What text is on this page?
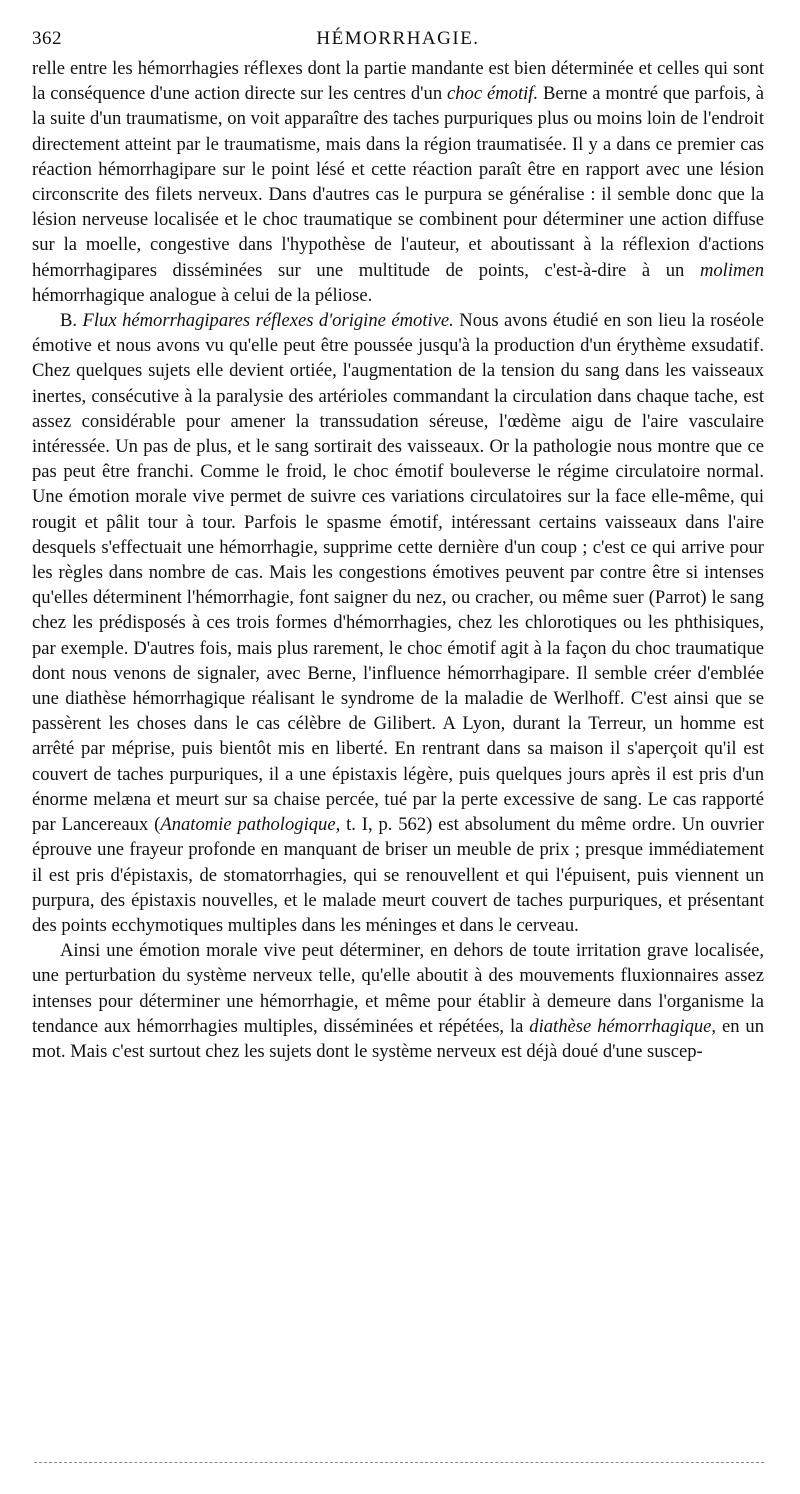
362	HÉMORRHAGIE.

relle entre les hémorrhagies réflexes dont la partie mandante est bien déterminée et celles qui sont la conséquence d'une action directe sur les centres d'un choc émotif. Berne a montré que parfois, à la suite d'un traumatisme, on voit apparaître des taches purpuriques plus ou moins loin de l'endroit directement atteint par le traumatisme, mais dans la région traumatisée. Il y a dans ce premier cas réaction hémorrhagipare sur le point lésé et cette réaction paraît être en rapport avec une lésion circonscrite des filets nerveux. Dans d'autres cas le purpura se généralise : il semble donc que la lésion nerveuse localisée et le choc traumatique se combinent pour déterminer une action diffuse sur la moelle, congestive dans l'hypothèse de l'auteur, et aboutissant à la réflexion d'actions hémorrhagipares disséminées sur une multitude de points, c'est-à-dire à un molimen hémorrhagique analogue à celui de la péliose.

B. Flux hémorrhagipares réflexes d'origine émotive. Nous avons étudié en son lieu la roséole émotive et nous avons vu qu'elle peut être poussée jusqu'à la production d'un érythème exsudatif. Chez quelques sujets elle devient ortiée, l'augmentation de la tension du sang dans les vaisseaux inertes, consécutive à la paralysie des artérioles commandant la circulation dans chaque tache, est assez considérable pour amener la transsudation séreuse, l'œdème aigu de l'aire vasculaire intéressée. Un pas de plus, et le sang sortirait des vaisseaux. Or la pathologie nous montre que ce pas peut être franchi. Comme le froid, le choc émotif bouleverse le régime circulatoire normal. Une émotion morale vive permet de suivre ces variations circulatoires sur la face elle-même, qui rougit et pâlit tour à tour. Parfois le spasme émotif, intéressant certains vaisseaux dans l'aire desquels s'effectuait une hémorrhagie, supprime cette dernière d'un coup ; c'est ce qui arrive pour les règles dans nombre de cas. Mais les congestions émotives peuvent par contre être si intenses qu'elles déterminent l'hémorrhagie, font saigner du nez, ou cracher, ou même suer (Parrot) le sang chez les prédisposés à ces trois formes d'hémorrhagies, chez les chlorotiques ou les phthisiques, par exemple. D'autres fois, mais plus rarement, le choc émotif agit à la façon du choc traumatique dont nous venons de signaler, avec Berne, l'influence hémorrhagipare. Il semble créer d'emblée une diathèse hémorrhagique réalisant le syndrome de la maladie de Werlhoff. C'est ainsi que se passèrent les choses dans le cas célèbre de Gilibert. A Lyon, durant la Terreur, un homme est arrêté par méprise, puis bientôt mis en liberté. En rentrant dans sa maison il s'aperçoit qu'il est couvert de taches purpuriques, il a une épistaxis légère, puis quelques jours après il est pris d'un énorme melæna et meurt sur sa chaise percée, tué par la perte excessive de sang. Le cas rapporté par Lancereaux (Anatomie pathologique, t. I, p. 562) est absolument du même ordre. Un ouvrier éprouve une frayeur profonde en manquant de briser un meuble de prix ; presque immédiatement il est pris d'épistaxis, de stomatorrhagies, qui se renouvellent et qui l'épuisent, puis viennent un purpura, des épistaxis nouvelles, et le malade meurt couvert de taches purpuriques, et présentant des points ecchymotiques multiples dans les méninges et dans le cerveau.

Ainsi une émotion morale vive peut déterminer, en dehors de toute irritation grave localisée, une perturbation du système nerveux telle, qu'elle aboutit à des mouvements fluxionnaires assez intenses pour déterminer une hémorrhagie, et même pour établir à demeure dans l'organisme la tendance aux hémorrhagies multiples, disséminées et répétées, la diathèse hémorrhagique, en un mot. Mais c'est surtout chez les sujets dont le système nerveux est déjà doué d'une suscep-
